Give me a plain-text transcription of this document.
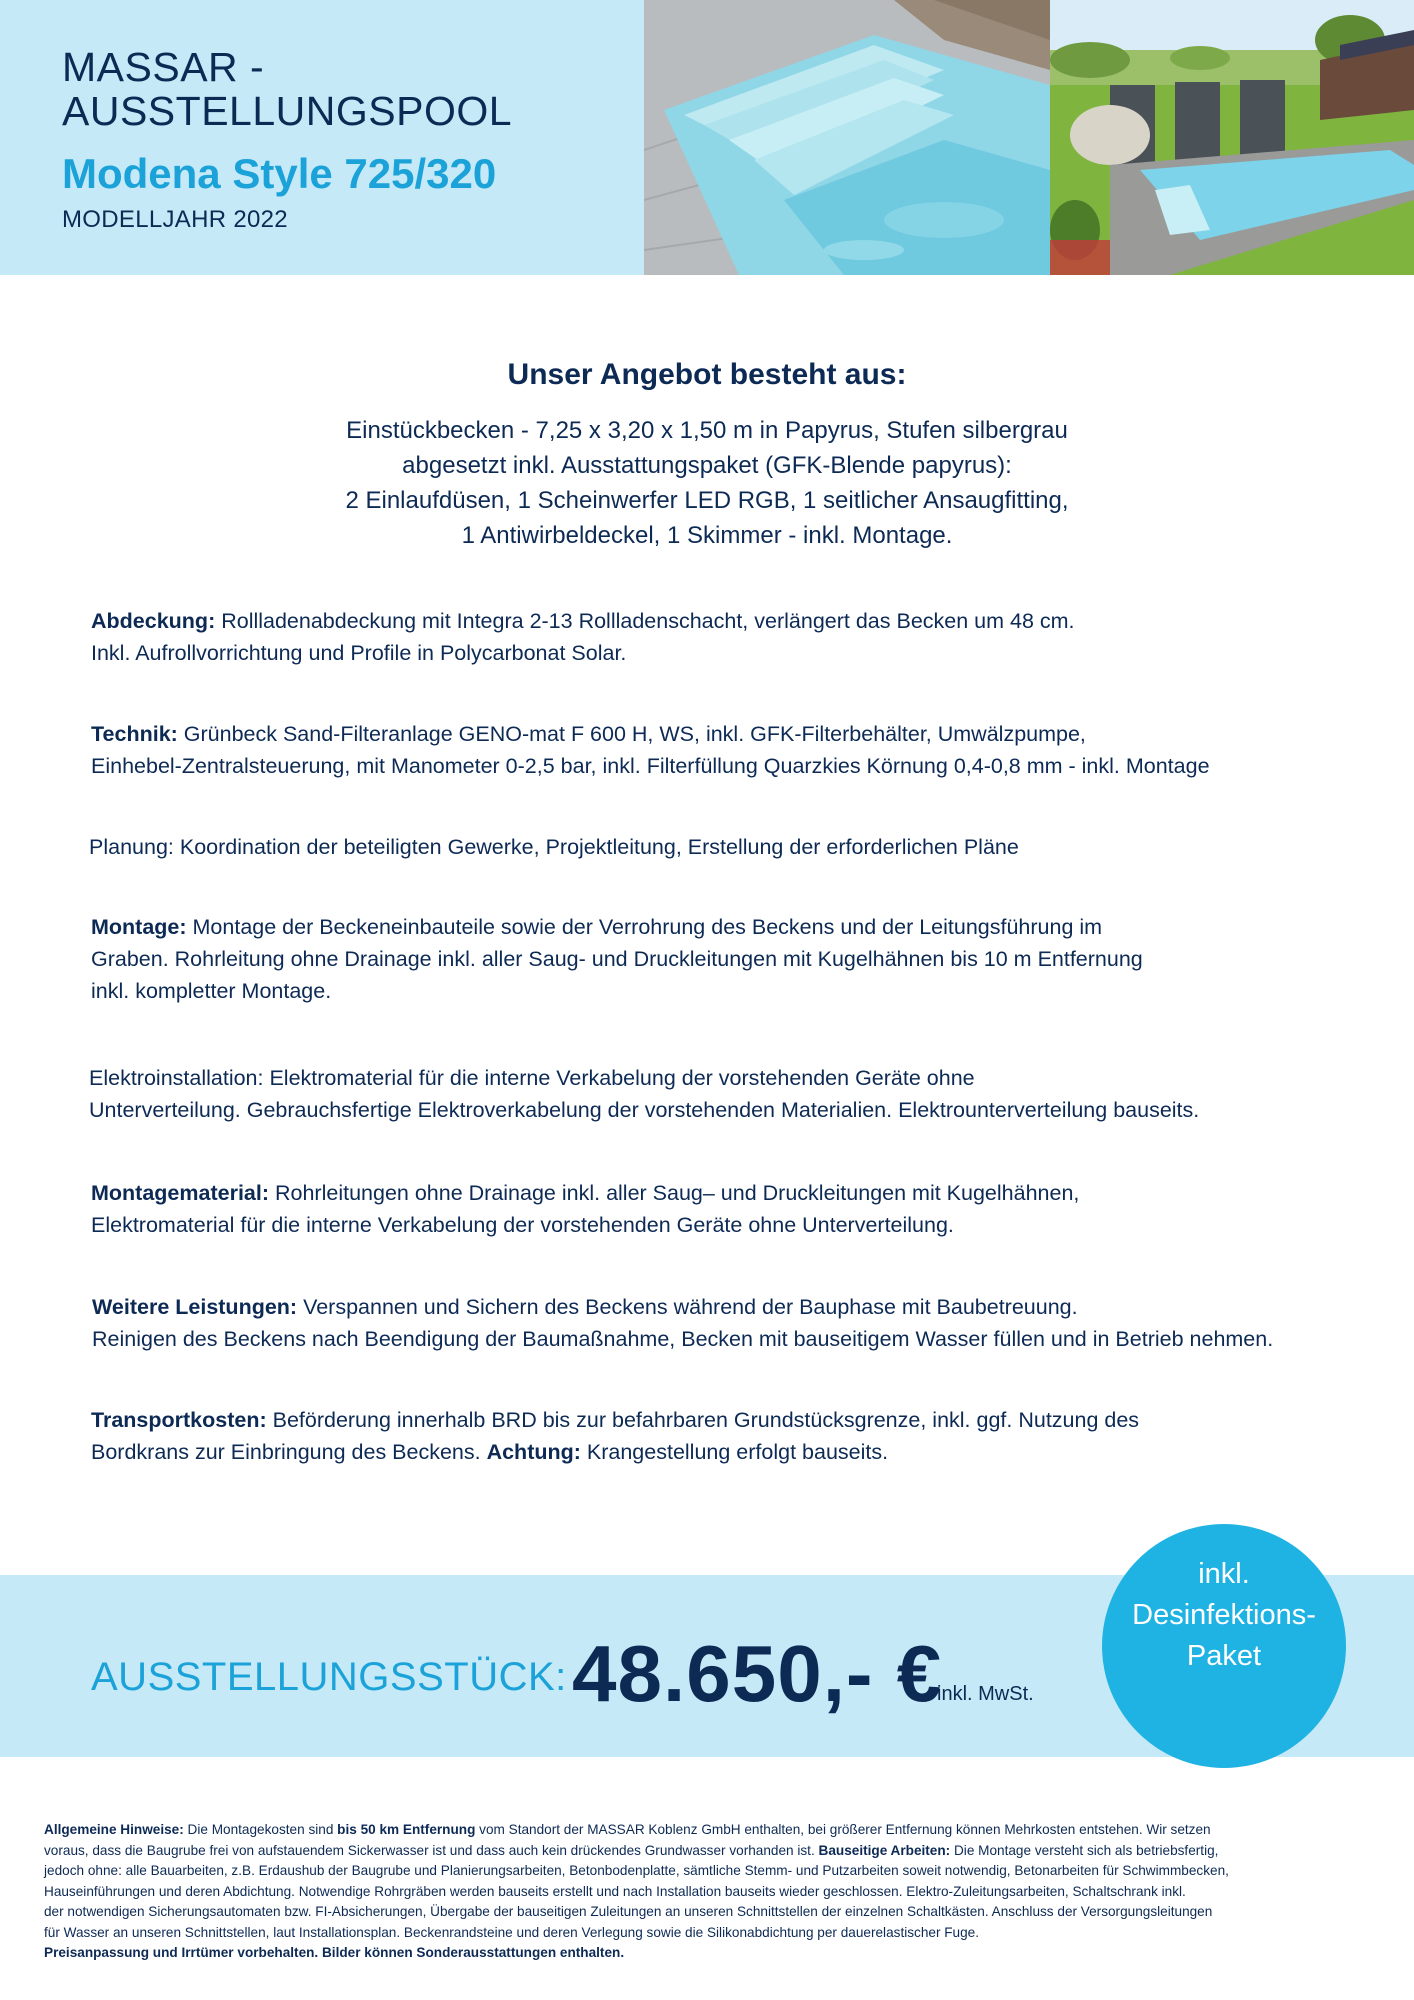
MASSAR -
AUSSTELLUNGSPOOL
Modena Style 725/320
MODELLJAHR 2022
Unser Angebot besteht aus:
Einstückbecken - 7,25 x 3,20 x 1,50 m in Papyrus, Stufen silbergrau
abgesetzt inkl. Ausstattungspaket (GFK-Blende papyrus):
2 Einlaufdüsen, 1 Scheinwerfer LED RGB, 1 seitlicher Ansaugfitting,
1 Antiwirbeldeckel, 1 Skimmer - inkl. Montage.
Abdeckung: Rollladenabdeckung mit Integra 2-13 Rollladenschacht, verlängert das Becken um 48 cm.
Inkl. Aufrollvorrichtung und Profile in Polycarbonat Solar.
Technik: Grünbeck Sand-Filteranlage GENO-mat F 600 H, WS, inkl. GFK-Filterbehälter, Umwälzpumpe,
Einhebel-Zentralsteuerung, mit Manometer 0-2,5 bar, inkl. Filterfüllung Quarzkies Körnung 0,4-0,8 mm - inkl. Montage
Planung: Koordination der beteiligten Gewerke, Projektleitung, Erstellung der erforderlichen Pläne
Montage: Montage der Beckeneinbauteile sowie der Verrohrung des Beckens und der Leitungsführung im
Graben. Rohrleitung ohne Drainage inkl. aller Saug- und Druckleitungen mit Kugelhähnen bis 10 m Entfernung
inkl. kompletter Montage.
Elektroinstallation: Elektromaterial für die interne Verkabelung der vorstehenden Geräte ohne
Unterverteilung. Gebrauchsfertige Elektroverkabelung der vorstehenden Materialien. Elektrounterverteilung bauseits.
Montagematerial: Rohrleitungen ohne Drainage inkl. aller Saug– und Druckleitungen mit Kugelhähnen,
Elektromaterial für die interne Verkabelung der vorstehenden Geräte ohne Unterverteilung.
Weitere Leistungen: Verspannen und Sichern des Beckens während der Bauphase mit Baubetreuung.
Reinigen des Beckens nach Beendigung der Baumaßnahme, Becken mit bauseitigem Wasser füllen und in Betrieb nehmen.
Transportkosten: Beförderung innerhalb BRD bis zur befahrbaren Grundstücksgrenze, inkl. ggf. Nutzung des
Bordkrans zur Einbringung des Beckens. Achtung: Krangestellung erfolgt bauseits.
AUSSTELLUNGSSTÜCK: 48.650,- €
inkl. MwSt.
inkl.
Desinfektions-
Paket
Allgemeine Hinweise: Die Montagekosten sind bis 50 km Entfernung vom Standort der MASSAR Koblenz GmbH enthalten, bei größerer Entfernung können Mehrkosten entstehen. Wir setzen
voraus, dass die Baugrube frei von aufstauendem Sickerwasser ist und dass auch kein drückendes Grundwasser vorhanden ist. Bauseitige Arbeiten: Die Montage versteht sich als betriebsfertig,
jedoch ohne: alle Bauarbeiten, z.B. Erdaushub der Baugrube und Planierungsarbeiten, Betonbodenplatte, sämtliche Stemm- und Putzarbeiten soweit notwendig, Betonarbeiten für Schwimmbecken,
Hauseinführungen und deren Abdichtung. Notwendige Rohrgräben werden bauseits erstellt und nach Installation bauseits wieder geschlossen. Elektro-Zuleitungsarbeiten, Schaltschrank inkl.
der notwendigen Sicherungsautomaten bzw. FI-Absicherungen, Übergabe der bauseitigen Zuleitungen an unseren Schnittstellen der einzelnen Schaltkästen. Anschluss der Versorgungsleitungen
für Wasser an unseren Schnittstellen, laut Installationsplan. Beckenrandsteine und deren Verlegung sowie die Silikonabdichtung per dauerelastischer Fuge.
Preisanpassung und Irrtümer vorbehalten. Bilder können Sonderausstattungen enthalten.
